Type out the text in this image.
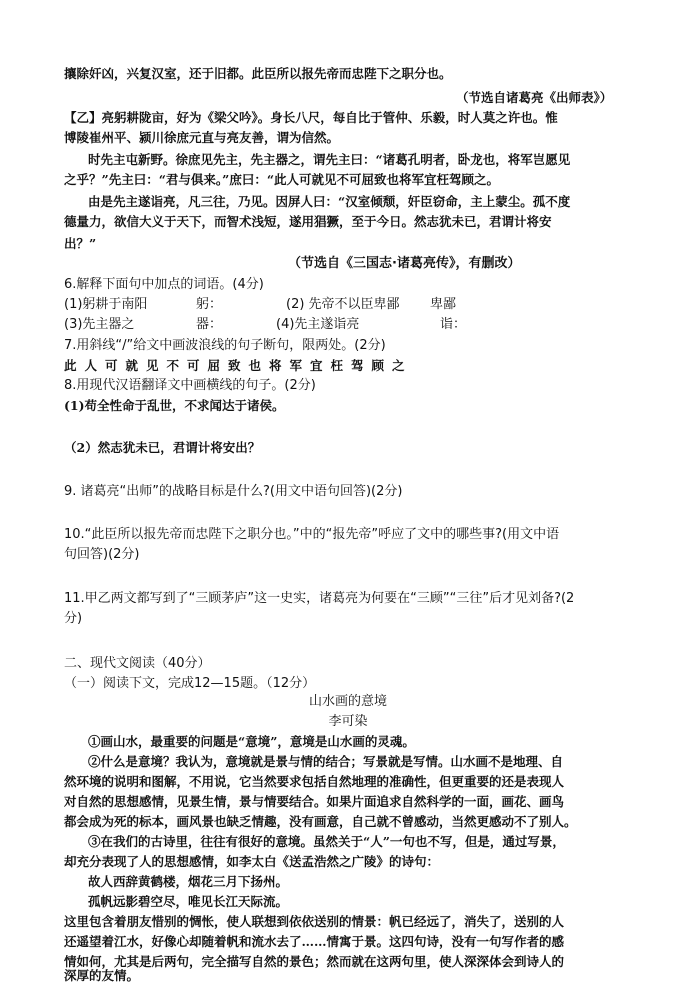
攘除奸凶，兴复汉室，还于旧都。此臣所以报先帝而忠陛下之职分也。
（节选自诸葛亮《出师表》）
【乙】亮躬耕陇亩，好为《梁父吟》。身长八尺，每自比于管仲、乐毅，时人莫之许也。惟
博陵崔州平、颍川徐庶元直与亮友善，谓为信然。
时先主屯新野。徐庶见先主，先主器之，谓先主曰：“诸葛孔明者，卧龙也，将军岂愿见
之乎？”先主曰：“君与俱来。”庶曰：“此人可就见不可屈致也将军宜枉驾顾之。
由是先主遂诣亮，凡三往，乃见。因屏人曰：“汉室倾颓，奸臣窃命，主上蒙尘。孤不度
德量力，欲信大义于天下，而智术浅短，遂用猖獗，至于今日。然志犹未已，君谓计将安
出？”
（节选自《三国志·诸葛亮传》，有删改）
6.解释下面句中加点的词语。(4分)
(1)躬耕于南阳	躬：	(2) 先帝不以臣卑鄙 卑鄙
(3)先主器之	器：	(4)先主遂诣亮	诣：
7.用斜线“/”给文中画波浪线的句子断句，限两处。(2分)
此人可就见不可屈致也将军宜枉驾顾之
8.用现代汉语翻译文中画横线的句子。(2分)
(1)苟全性命于乱世，不求闻达于诸侯。
（2）然志犹未已，君谓计将安出？
9. 诸葛亮“出师”的战略目标是什么?(用文中语句回答)(2分)
10.“此臣所以报先帝而忠陛下之职分也。”中的“报先帝”呼应了文中的哪些事?(用文中语
句回答)(2分)
11.甲乙两文都写到了“三顾茅庐”这一史实，诸葛亮为何要在“三顾”“三往”后才见刘备?(2
分)
二、现代文阅读（40分）
（一）阅读下文，完成12—15题。（12分）
山水画的意境
李可染
①画山水，最重要的问题是“意境”，意境是山水画的灵魂。
②什么是意境？我认为，意境就是景与情的结合；写景就是写情。山水画不是地理、自
然环境的说明和图解，不用说，它当然要求包括自然地理的准确性，但更重要的还是表现人
对自然的思想感情，见景生情，景与情要结合。如果片面追求自然科学的一面，画花、画鸟
都会成为死的标本，画风景也缺乏情趣，没有画意，自己就不曾感动，当然更感动不了别人。
③在我们的古诗里，往往有很好的意境。虽然关于“人”一句也不写，但是，通过写景，
却充分表现了人的思想感情，如李太白《送孟浩然之广陵》的诗句：
故人西辞黄鹤楼，烟花三月下扬州。
孤帆远影碧空尽，唯见长江天际流。
这里包含着朋友惜别的惆怅，使人联想到依依送别的情景：帆已经远了，消失了，送别的人
还遥望着江水，好像心却随着帆和流水去了……情寓于景。这四句诗，没有一句写作者的感
情如何，尤其是后两句，完全描写自然的景色；然而就在这两句里，使人深深体会到诗人的
深厚的友情。
